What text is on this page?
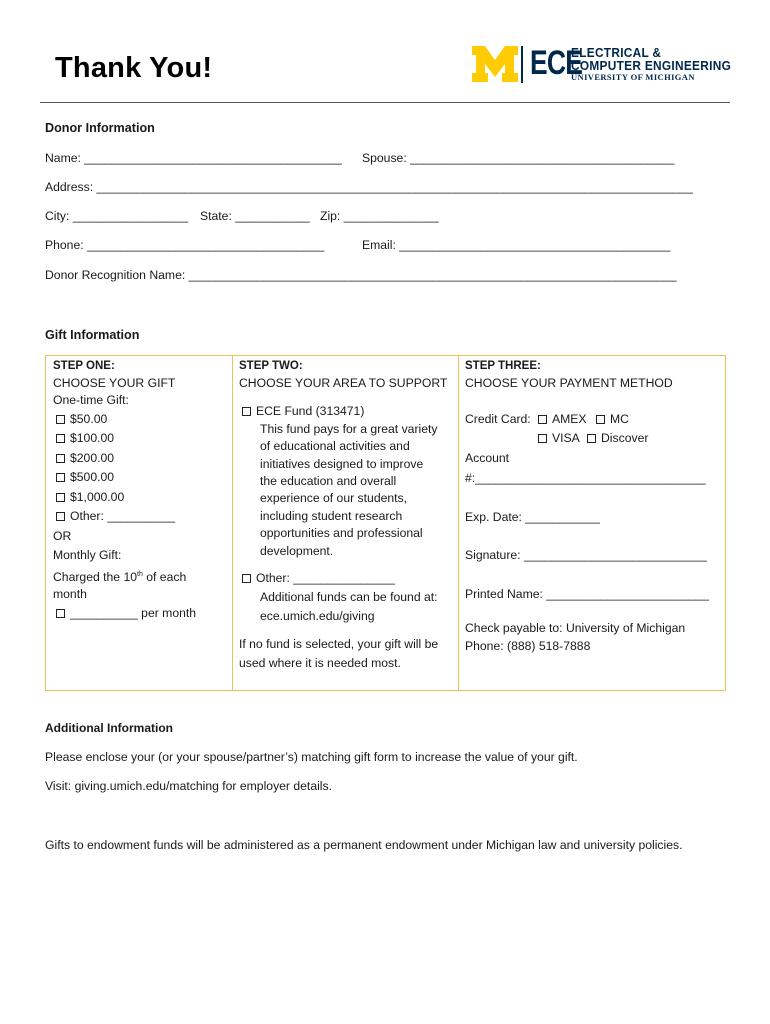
Thank You!	ECE
ELECTRICAL &
COMPUTER ENGINEERING
UNIVERSITY OF MICHIGAN
Donor Information
Name: ______________________________________ Spouse: _______________________________________
Address: ________________________________________________________________________________________
City: _________________ State: ___________ Zip: ______________
Phone: ___________________________________	Email: ________________________________________
Donor Recognition Name: ________________________________________________________________________
Gift Information
STEP ONE:
CHOOSE YOUR GIFT
One-time Gift:
$50.00
$100.00
$200.00
$500.00
$1,000.00
Other: __________
OR
Monthly Gift:
Charged the 10th of each
month
__________ per month
STEP TWO:
CHOOSE YOUR AREA TO SUPPORT
ECE Fund (313471)
This fund pays for a great variety
of educational activities and
initiatives designed to improve
the education and overall
experience of our students,
including student research
opportunities and professional
development.
Other: _______________
Additional funds can be found at:
ece.umich.edu/giving
If no fund is selected, your gift will be
used where it is needed most.
STEP THREE:
CHOOSE YOUR PAYMENT METHOD
Credit Card:	AMEX	MC
VISA	Discover
Account
#:__________________________________
Exp. Date: ___________
Signature: ___________________________
Printed Name: ________________________
Check payable to: University of Michigan
Phone: (888) 518-7888
Additional Information
Please enclose your (or your spouse/partner’s) matching gift form to increase the value of your gift.
Visit: giving.umich.edu/matching for employer details.
Gifts to endowment funds will be administered as a permanent endowment under Michigan law and university policies.
